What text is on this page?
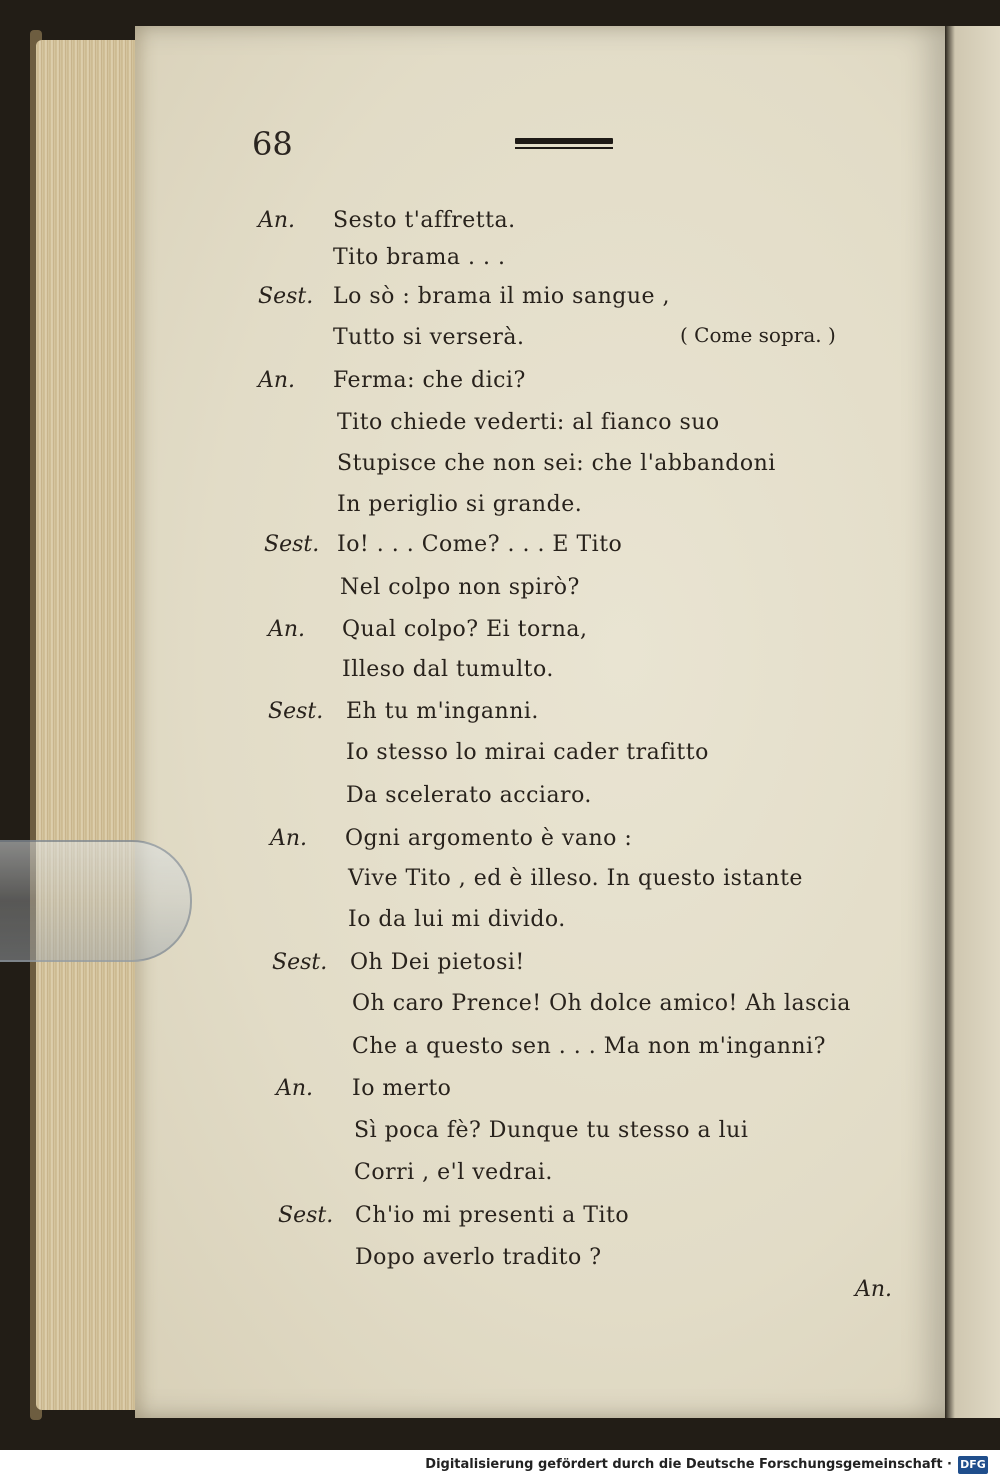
68
An. Sesto t'affretta.
Tito brama . . .
Sest. Lo sò : brama il mio sangue ,
Tutto si verserà.	( Come sopra. )
An. Ferma: che dici?
Tito chiede vederti: al fianco suo
Stupisce che non sei: che l'abbandoni
In periglio si grande.
Sest. Io! . . . Come? . . . E Tito
Nel colpo non spirò?
An. Qual colpo? Ei torna,
Illeso dal tumulto.
Sest. Eh tu m'inganni.
Io stesso lo mirai cader trafitto
Da scelerato acciaro.
An. Ogni argomento è vano :
Vive Tito , ed è illeso. In questo istante
Io da lui mi divido.
Sest. Oh Dei pietosi!
Oh caro Prence! Oh dolce amico! Ah lascia
Che a questo sen . . . Ma non m'inganni?
An. Io merto
Sì poca fè? Dunque tu stesso a lui
Corri , e'l vedrai.
Sest. Ch'io mi presenti a Tito
Dopo averlo tradito ?
An.
Digitalisierung gefördert durch die Deutsche Forschungsgemeinschaft · DFG
